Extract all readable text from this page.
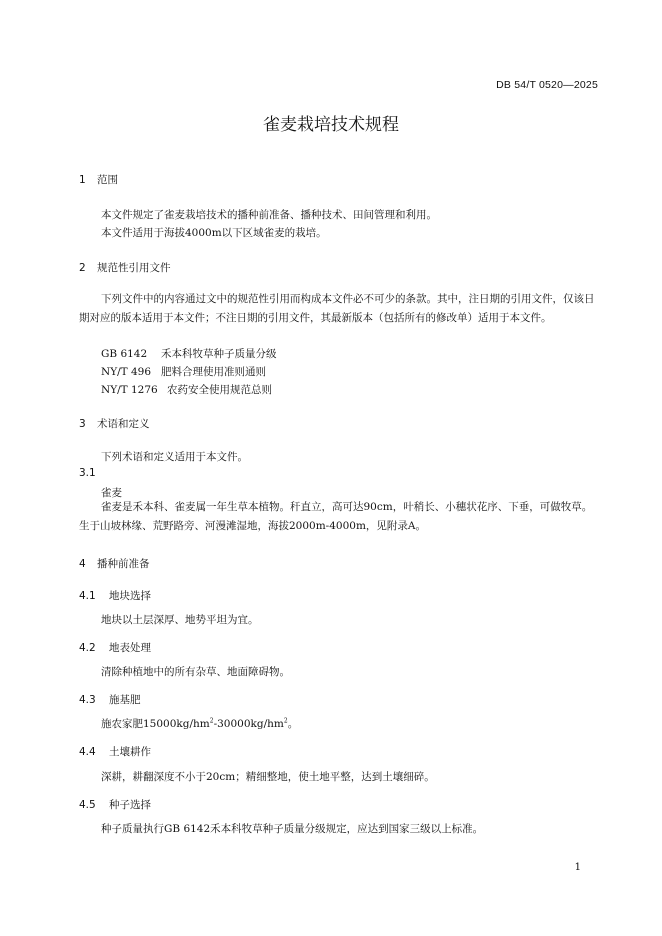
DB 54/T 0520—2025
雀麦栽培技术规程
1 范围
本文件规定了雀麦栽培技术的播种前准备、播种技术、田间管理和利用。
本文件适用于海拔4000m以下区域雀麦的栽培。
2 规范性引用文件
下列文件中的内容通过文中的规范性引用而构成本文件必不可少的条款。其中，注日期的引用文件，仅该日期对应的版本适用于本文件；不注日期的引用文件，其最新版本（包括所有的修改单）适用于本文件。
GB 6142 禾本科牧草种子质量分级
NY/T 496 肥料合理使用准则通则
NY/T 1276 农药安全使用规范总则
3 术语和定义
下列术语和定义适用于本文件。
3.1
雀麦
雀麦是禾本科、雀麦属一年生草本植物。秆直立，高可达90cm，叶稍长、小穗状花序、下垂，可做牧草。生于山坡林缘、荒野路旁、河漫滩湿地，海拔2000m-4000m，见附录A。
4 播种前准备
4.1 地块选择
地块以土层深厚、地势平坦为宜。
4.2 地表处理
清除种植地中的所有杂草、地面障碍物。
4.3 施基肥
施农家肥$15000kg/hm^2-30000kg/hm^2$。
4.4 土壤耕作
深耕，耕翻深度不小于20cm；精细整地，使土地平整，达到土壤细碎。
4.5 种子选择
种子质量执行GB 6142禾本科牧草种子质量分级规定，应达到国家三级以上标准。
1
